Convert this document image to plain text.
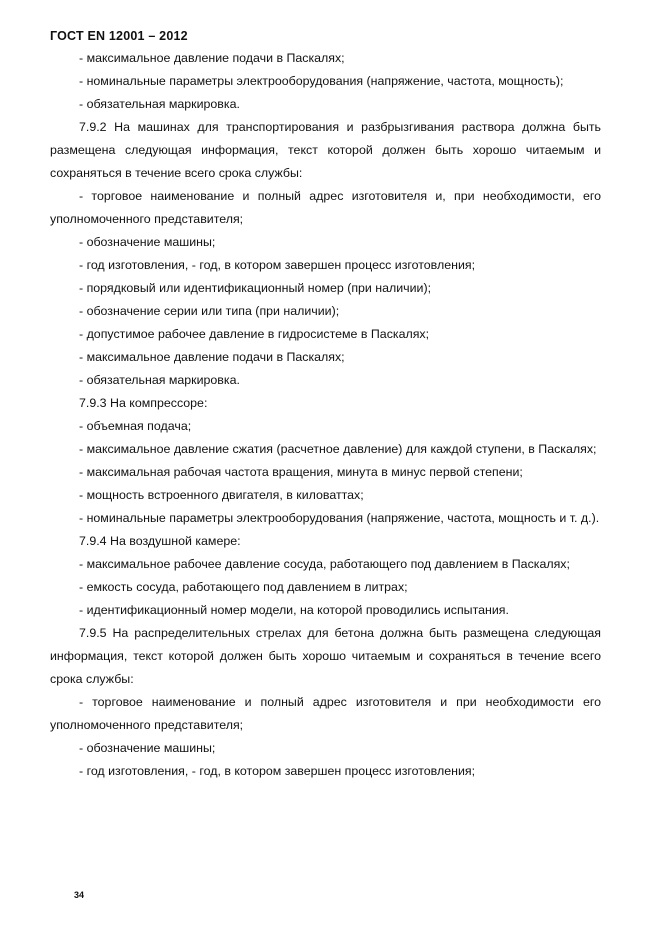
ГОСТ EN 12001 – 2012

- максимальное давление подачи в Паскалях;

- номинальные параметры электрооборудования (напряжение, частота, мощность);

- обязательная маркировка.

7.9.2 На машинах для транспортирования и разбрызгивания раствора должна быть размещена следующая информация, текст которой должен быть хорошо читаемым и сохраняться в течение всего срока службы:

- торговое наименование и полный адрес изготовителя и, при необходимости, его уполномоченного представителя;

- обозначение машины;

- год изготовления, - год, в котором завершен процесс изготовления;

- порядковый или идентификационный номер (при наличии);

- обозначение серии или типа (при наличии);

- допустимое рабочее давление в гидросистеме в Паскалях;

- максимальное давление подачи в Паскалях;

- обязательная маркировка.

7.9.3 На компрессоре:

- объемная подача;

- максимальное давление сжатия (расчетное давление) для каждой ступени, в Паскалях;

- максимальная рабочая частота вращения, минута в минус первой степени;

- мощность встроенного двигателя, в киловаттах;

- номинальные параметры электрооборудования (напряжение, частота, мощность и т. д.).

7.9.4 На воздушной камере:

- максимальное рабочее давление сосуда, работающего под давлением в Паскалях;

- емкость сосуда, работающего под давлением в литрах;

- идентификационный номер модели, на которой проводились испытания.

7.9.5 На распределительных стрелах для бетона должна быть размещена следующая информация, текст которой должен быть хорошо читаемым и сохраняться в течение всего срока службы:

- торговое наименование и полный адрес изготовителя и при необходимости его уполномоченного представителя;

- обозначение машины;

- год изготовления, - год, в котором завершен процесс изготовления;

34
